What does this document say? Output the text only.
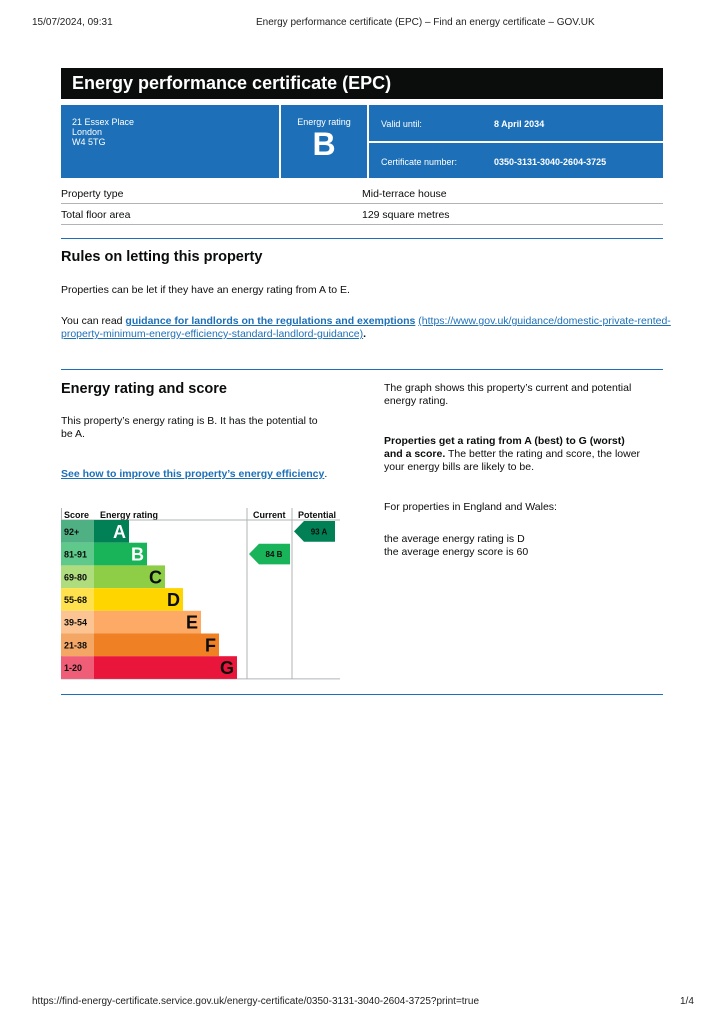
15/07/2024, 09:31	Energy performance certificate (EPC) – Find an energy certificate – GOV.UK
Energy performance certificate (EPC)
21 Essex Place
London
W4 5TG
Energy rating
B
Valid until:	8 April 2034
Certificate number:	0350-3131-3040-2604-3725
Property type	Mid-terrace house
Total floor area	129 square metres
Rules on letting this property
Properties can be let if they have an energy rating from A to E.
You can read guidance for landlords on the regulations and exemptions (https://www.gov.uk/guidance/domestic-private-rented-
property-minimum-energy-efficiency-standard-landlord-guidance).
Energy rating and score
This property’s energy rating is B. It has the potential to
be A.
See how to improve this property’s energy efficiency.
The graph shows this property’s current and potential
energy rating.
Properties get a rating from A (best) to G (worst)
and a score. The better the rating and score, the lower
your energy bills are likely to be.
For properties in England and Wales:
the average energy rating is D
the average energy score is 60
Score Energy rating	Current Potential
92+ A
81-91 B
69-80	C
55-68	D
39-54	E
21-38	F
1-20	G
84 B
93 A
https://find-energy-certificate.service.gov.uk/energy-certificate/0350-3131-3040-2604-3725?print=true	1/4
